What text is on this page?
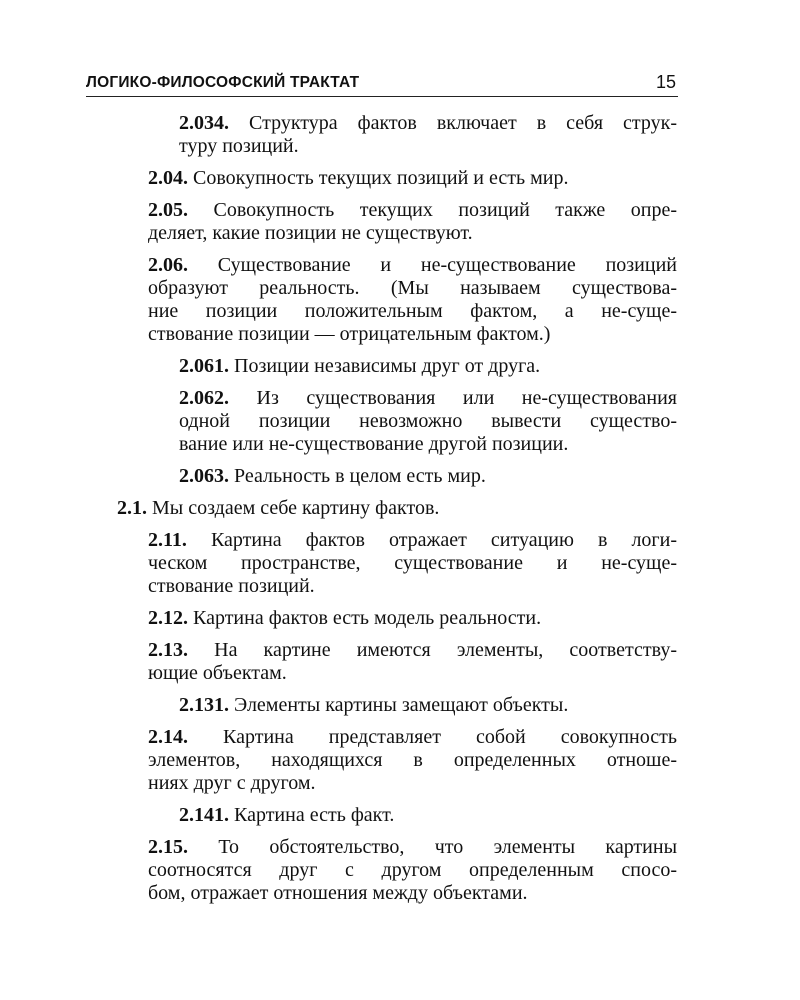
ЛОГИКО-ФИЛОСОФСКИЙ ТРАКТАТ	15
2.034. Структура фактов включает в себя струк-
туру позиций.
2.04. Совокупность текущих позиций и есть мир.
2.05. Совокупность текущих позиций также опре-
деляет, какие позиции не существуют.
2.06. Существование и не-существование позиций
образуют реальность. (Мы называем существова-
ние позиции положительным фактом, а не-суще-
ствование позиции — отрицательным фактом.)
2.061. Позиции независимы друг от друга.
2.062. Из существования или не-существования
одной позиции невозможно вывести существо-
вание или не-существование другой позиции.
2.063. Реальность в целом есть мир.
2.1. Мы создаем себе картину фактов.
2.11. Картина фактов отражает ситуацию в логи-
ческом пространстве, существование и не-суще-
ствование позиций.
2.12. Картина фактов есть модель реальности.
2.13. На картине имеются элементы, соответству-
ющие объектам.
2.131. Элементы картины замещают объекты.
2.14. Картина представляет собой совокупность
элементов, находящихся в определенных отноше-
ниях друг с другом.
2.141. Картина есть факт.
2.15. То обстоятельство, что элементы картины
соотносятся друг с другом определенным спосо-
бом, отражает отношения между объектами.
